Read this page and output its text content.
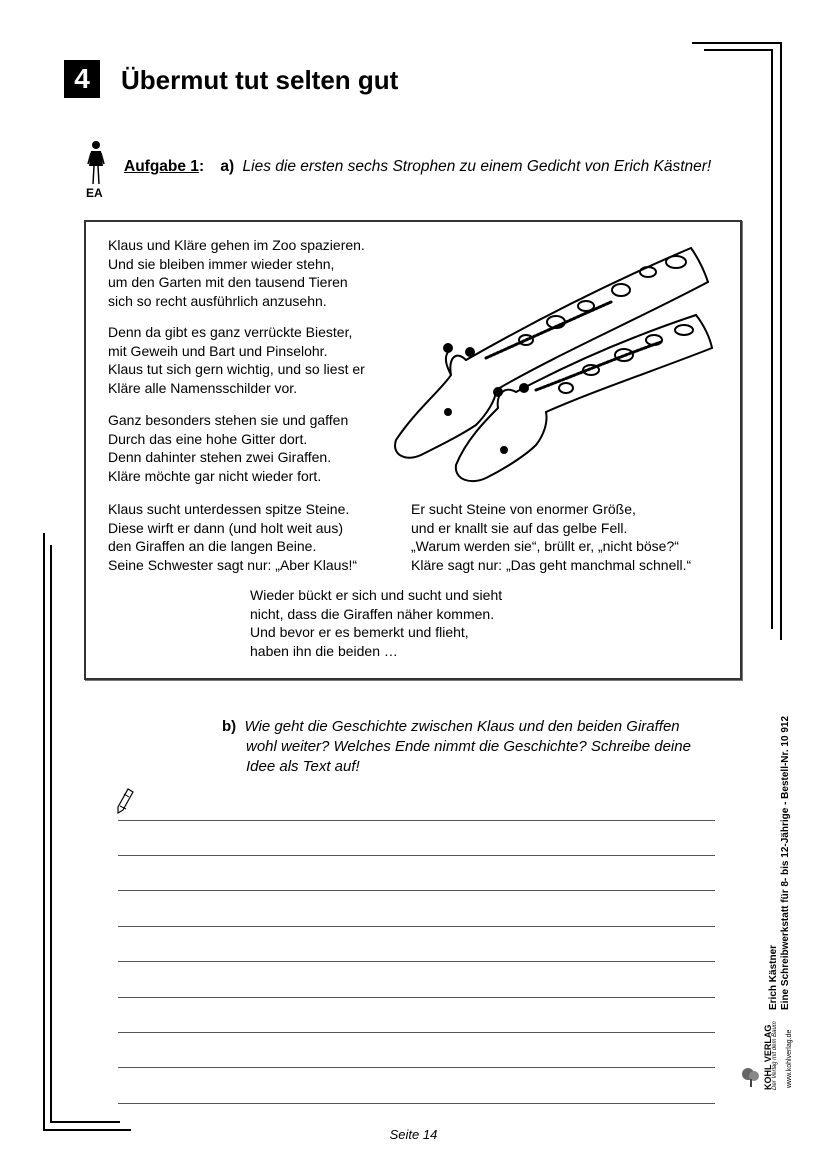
4	Übermut tut selten gut
EA
Aufgabe 1: a) Lies die ersten sechs Strophen zu einem Gedicht von Erich Kästner!
Klaus und Kläre gehen im Zoo spazieren.
Und sie bleiben immer wieder stehn,
um den Garten mit den tausend Tieren
sich so recht ausführlich anzusehn.
Denn da gibt es ganz verrückte Biester,
mit Geweih und Bart und Pinselohr.
Klaus tut sich gern wichtig, und so liest er
Kläre alle Namensschilder vor.
Ganz besonders stehen sie und gaffen
Durch das eine hohe Gitter dort.
Denn dahinter stehen zwei Giraffen.
Kläre möchte gar nicht wieder fort.
Klaus sucht unterdessen spitze Steine.
Diese wirft er dann (und holt weit aus)
den Giraffen an die langen Beine.
Seine Schwester sagt nur: „Aber Klaus!“
Er sucht Steine von enormer Größe,
und er knallt sie auf das gelbe Fell.
„Warum werden sie“, brüllt er, „nicht böse?“
Kläre sagt nur: „Das geht manchmal schnell.“
Wieder bückt er sich und sucht und sieht
nicht, dass die Giraffen näher kommen.
Und bevor er es bemerkt und flieht,
haben ihn die beiden …
b) Wie geht die Geschichte zwischen Klaus und den beiden Giraffen
wohl weiter? Welches Ende nimmt die Geschichte? Schreibe deine
Idee als Text auf!
Erich Kästner Eine Schreibwerkstatt für 8- bis 12-Jährige - Bestell-Nr. 10 912
www.kohlverlag.de
KOHL VERLAG Der Verlag mit dem Baum
Seite 14
